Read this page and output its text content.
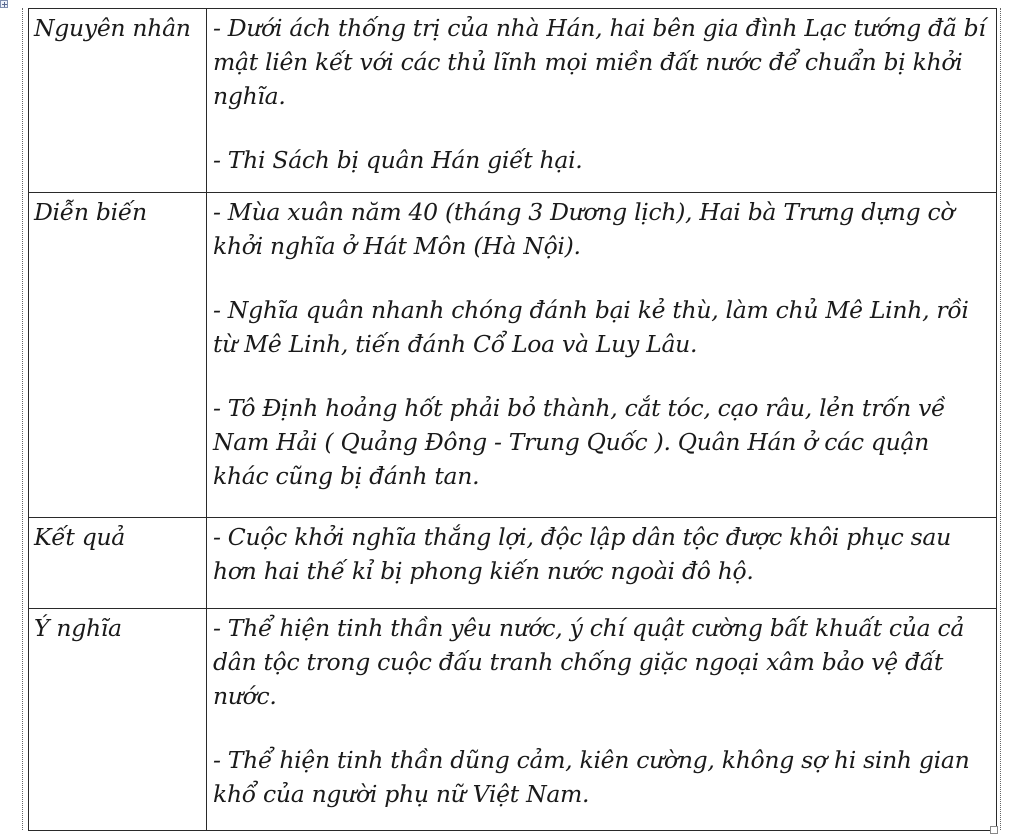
Nguyên nhân	- Dưới ách thống trị của nhà Hán, hai bên gia đình Lạc tướng đã bí mật liên kết với các thủ lĩnh mọi miền đất nước để chuẩn bị khởi nghĩa.

- Thi Sách bị quân Hán giết hại.

Diễn biến	- Mùa xuân năm 40 (tháng 3 Dương lịch), Hai bà Trưng dựng cờ khởi nghĩa ở Hát Môn (Hà Nội).

- Nghĩa quân nhanh chóng đánh bại kẻ thù, làm chủ Mê Linh, rồi từ Mê Linh, tiến đánh Cổ Loa và Luy Lâu.

- Tô Định hoảng hốt phải bỏ thành, cắt tóc, cạo râu, lẻn trốn về Nam Hải ( Quảng Đông - Trung Quốc ). Quân Hán ở các quận khác cũng bị đánh tan.

Kết quả	- Cuộc khởi nghĩa thắng lợi, độc lập dân tộc được khôi phục sau hơn hai thế kỉ bị phong kiến nước ngoài đô hộ.

Ý nghĩa	- Thể hiện tinh thần yêu nước, ý chí quật cường bất khuất của cả dân tộc trong cuộc đấu tranh chống giặc ngoại xâm bảo vệ đất nước.

- Thể hiện tinh thần dũng cảm, kiên cường, không sợ hi sinh gian khổ của người phụ nữ Việt Nam.
